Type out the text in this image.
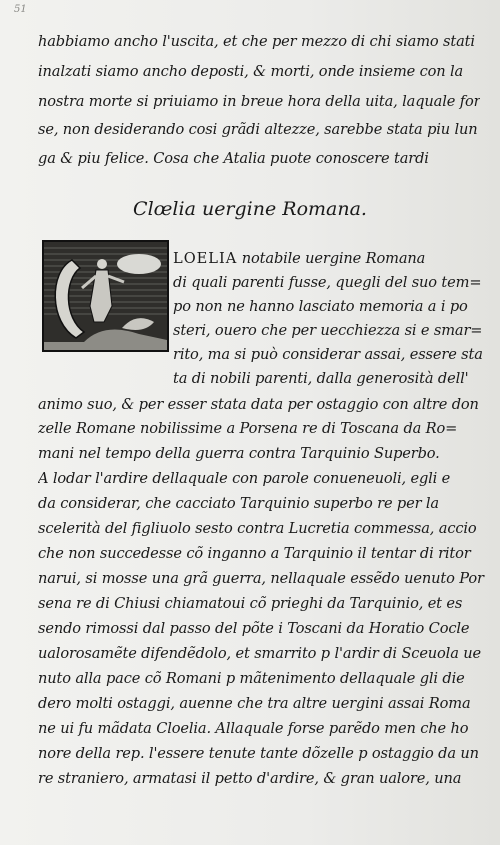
51

habbiamo ancho l'uscita, et che per mezzo di chi siamo stati
inalzati siamo ancho deposti, & morti, onde insieme con la
nostra morte si priuiamo in breue hora della uita, laquale for
se, non desiderando cosi grãdi altezze, sarebbe stata piu lun
ga & piu felice. Cosa che Atalia puote conoscere tardi
Clœlia uergine Romana.
LOELIA notabile uergine Romana
di quali parenti fusse, quegli del suo tem=
po non ne hanno lasciato memoria a i po
steri, ouero che per uecchiezza si e smar=
rito, ma si può considerar assai, essere sta
ta di nobili parenti, dalla generosità dell'
animo suo, & per esser stata data per ostaggio con altre don
zelle Romane nobilissime a Porsena re di Toscana da Ro=
mani nel tempo della guerra contra Tarquinio Superbo.
A lodar l'ardire dellaquale con parole conueneuoli, egli e
da considerar, che cacciato Tarquinio superbo re per la
scelerità del figliuolo sesto contra Lucretia commessa, accio
che non succedesse cõ inganno a Tarquinio il tentar di ritor
narui, si mosse una grã guerra, nellaquale essẽdo uenuto Por
sena re di Chiusi chiamatoui cõ prieghi da Tarquinio, et es
sendo rimossi dal passo del põte i Toscani da Horatio Cocle
ualorosamẽte difendẽdolo, et smarrito p l'ardir di Sceuola ue
nuto alla pace cõ Romani p mãtenimento dellaquale gli die
dero molti ostaggi, auenne che tra altre uergini assai Roma
ne ui fu mãdata Cloelia. Allaquale forse parẽdo men che ho
nore della rep. l'essere tenute tante dõzelle p ostaggio da un
re straniero, armatasi il petto d'ardire, & gran ualore, una
